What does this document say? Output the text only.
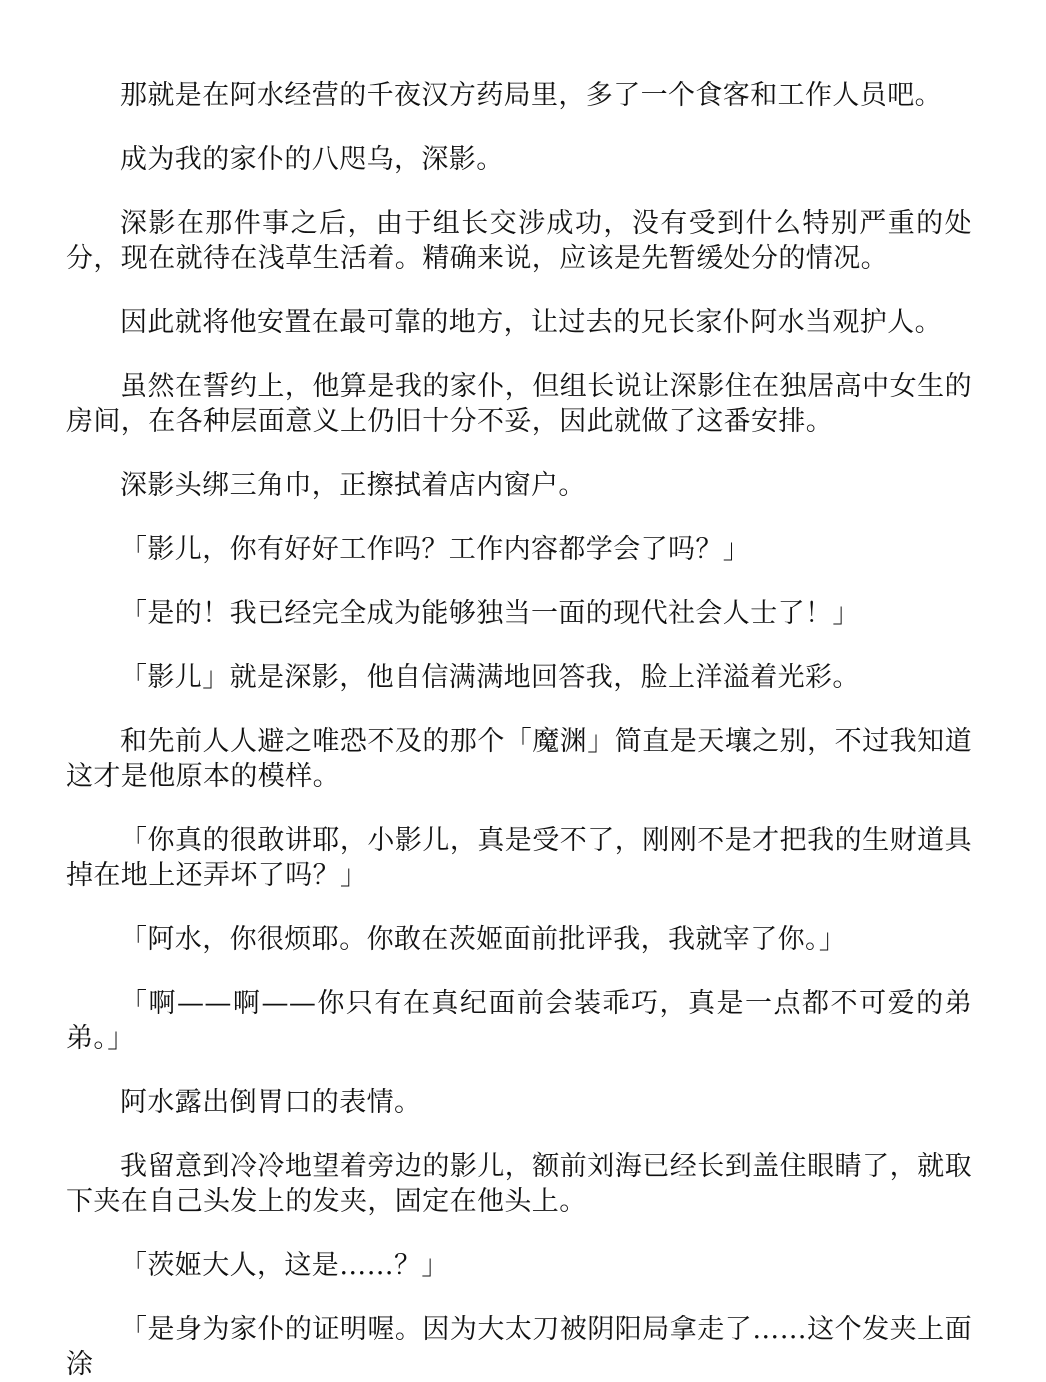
那就是在阿水经营的千夜汉方药局里，多了一个食客和工作人员吧。

成为我的家仆的八咫乌，深影。

深影在那件事之后，由于组长交涉成功，没有受到什么特别严重的处分，现在就待在浅草生活着。精确来说，应该是先暂缓处分的情况。

因此就将他安置在最可靠的地方，让过去的兄长家仆阿水当观护人。

虽然在誓约上，他算是我的家仆，但组长说让深影住在独居高中女生的房间，在各种层面意义上仍旧十分不妥，因此就做了这番安排。

深影头绑三角巾，正擦拭着店内窗户。

「影儿，你有好好工作吗？工作内容都学会了吗？」

「是的！我已经完全成为能够独当一面的现代社会人士了！」

「影儿」就是深影，他自信满满地回答我，脸上洋溢着光彩。

和先前人人避之唯恐不及的那个「魔渊」简直是天壤之别，不过我知道这才是他原本的模样。

「你真的很敢讲耶，小影儿，真是受不了，刚刚不是才把我的生财道具掉在地上还弄坏了吗？」

「阿水，你很烦耶。你敢在茨姬面前批评我，我就宰了你。」

「啊——啊——你只有在真纪面前会装乖巧，真是一点都不可爱的弟弟。」

阿水露出倒胃口的表情。

我留意到冷冷地望着旁边的影儿，额前刘海已经长到盖住眼睛了，就取下夹在自己头发上的发夹，固定在他头上。

「茨姬大人，这是……？」

「是身为家仆的证明喔。因为大太刀被阴阳局拿走了……这个发夹上面涂
